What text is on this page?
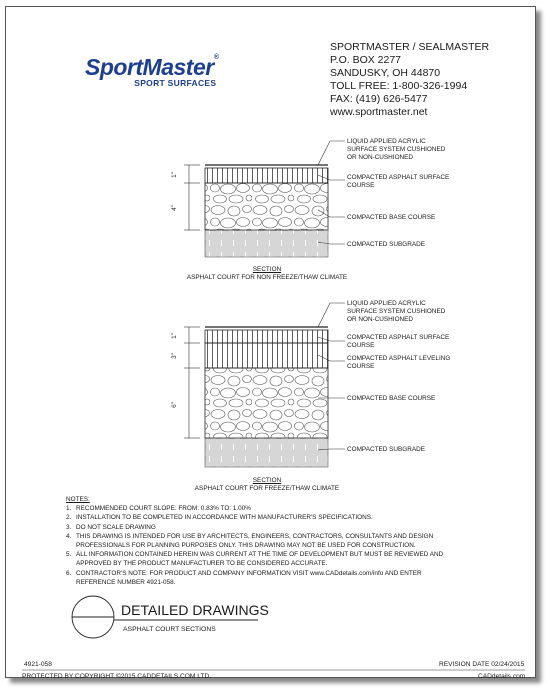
SportMaster®
SPORT SURFACES
SPORTMASTER / SEALMASTER
P.O. BOX 2277
SANDUSKY, OH 44870
TOLL FREE: 1-800-326-1994
FAX: (419) 626-5477
www.sportmaster.net
1"
4"
LIQUID APPLIED ACRYLIC
SURFACE SYSTEM CUSHIONED
OR NON-CUSHIONED
COMPACTED ASPHALT SURFACE
COURSE
COMPACTED BASE COURSE
COMPACTED SUBGRADE
SECTION
ASPHALT COURT FOR NON FREEZE/THAW CLIMATE
1"
3"
6"
LIQUID APPLIED ACRYLIC
SURFACE SYSTEM CUSHIONED
OR NON-CUSHIONED
COMPACTED ASPHALT SURFACE
COURSE
COMPACTED ASPHALT LEVELING
COURSE
COMPACTED BASE COURSE
COMPACTED SUBGRADE
SECTION
ASPHALT COURT FOR FREEZE/THAW CLIMATE
NOTES:
1. RECOMMENDED COURT SLOPE: FROM: 0.83% TO: 1.00%
2. INSTALLATION TO BE COMPLETED IN ACCORDANCE WITH MANUFACTURER'S SPECIFICATIONS.
3. DO NOT SCALE DRAWING
4. THIS DRAWING IS INTENDED FOR USE BY ARCHITECTS, ENGINEERS, CONTRACTORS, CONSULTANTS AND DESIGN
PROFESSIONALS FOR PLANNING PURPOSES ONLY. THIS DRAWING MAY NOT BE USED FOR CONSTRUCTION.
5. ALL INFORMATION CONTAINED HEREIN WAS CURRENT AT THE TIME OF DEVELOPMENT BUT MUST BE REVIEWED AND
APPROVED BY THE PRODUCT MANUFACTURER TO BE CONSIDERED ACCURATE.
6. CONTRACTOR'S NOTE: FOR PRODUCT AND COMPANY INFORMATION VISIT www.CADdetails.com/info AND ENTER
REFERENCE NUMBER 4921-058.
DETAILED DRAWINGS
ASPHALT COURT SECTIONS
4921-058	REVISION DATE 02/24/2015
PROTECTED BY COPYRIGHT ©2015 CADDETAILS.COM LTD.	CADdetails.com
